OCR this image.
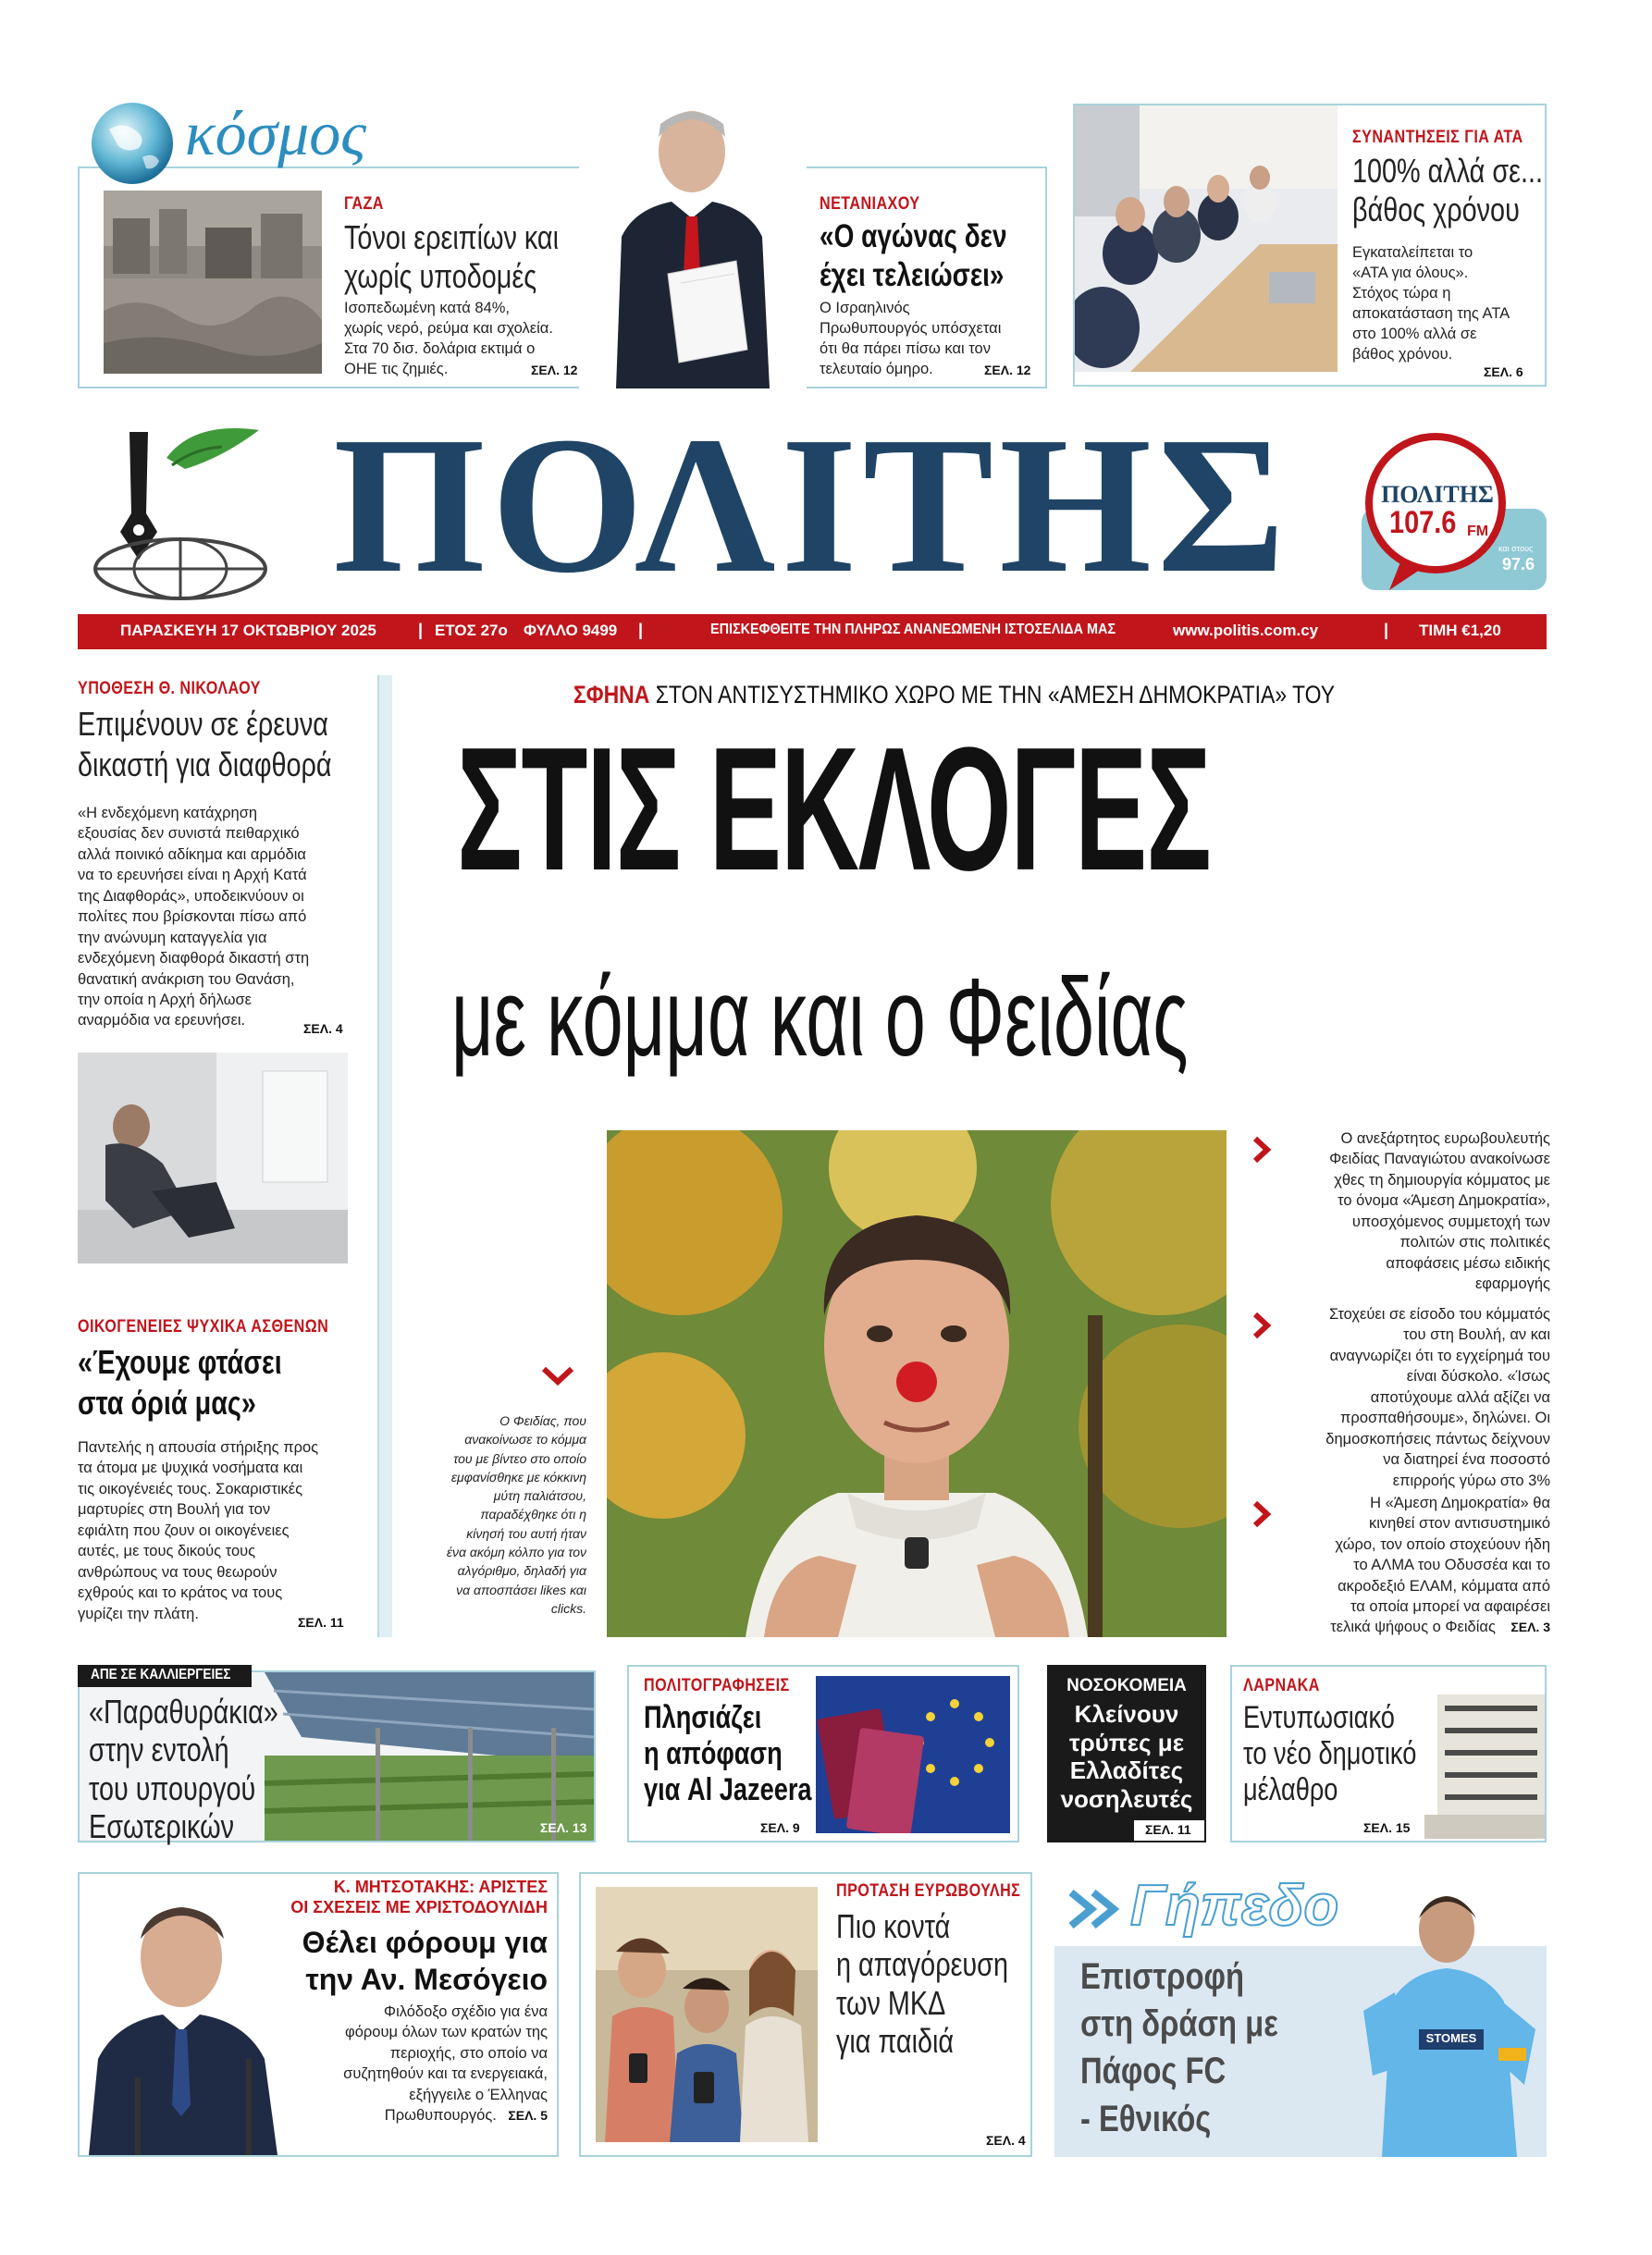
κόσμος
ΓΑΖΑ
Τόνοι ερειπίων και
χωρίς υποδομές
Ισοπεδωμένη κατά 84%,
χωρίς νερό, ρεύμα και σχολεία.
Στα 70 δισ. δολάρια εκτιμά ο
ΟΗΕ τις ζημιές.	ΣΕΛ. 12
ΝΕΤΑΝΙΑΧΟΥ
«Ο αγώνας δεν
έχει τελειώσει»
Ο Ισραηλινός
Πρωθυπουργός υπόσχεται
ότι θα πάρει πίσω και τον
τελευταίο όμηρο.	ΣΕΛ. 12
ΣΥΝΑΝΤΗΣΕΙΣ ΓΙΑ ΑΤΑ
100% αλλά σε...
βάθος χρόνου
Εγκαταλείπεται το
«ΑΤΑ για όλους».
Στόχος τώρα η
αποκατάσταση της ΑΤΑ
στο 100% αλλά σε
βάθος χρόνου.
ΣΕΛ. 6
ΠΟΛΙΤΗΣ	ΠΟΛΙΤΗΣ
107.6 FM
και στους
97.6
ΠΑΡΑΣΚΕΥΗ 17 ΟΚΤΩΒΡΙΟΥ 2025	| ΕΤΟΣ 27ο ΦΥΛΛΟ 9499 |	ΕΠΙΣΚΕΦΘΕΙΤΕ ΤΗΝ ΠΛΗΡΩΣ ΑΝΑΝΕΩΜΕΝΗ ΙΣΤΟΣΕΛΙΔΑ ΜΑΣ	www.politis.com.cy	| ΤΙΜΗ €1,20
ΥΠΟΘΕΣΗ Θ. ΝΙΚΟΛΑΟΥ
Επιμένουν σε έρευνα
δικαστή για διαφθορά
«Η ενδεχόμενη κατάχρηση
εξουσίας δεν συνιστά πειθαρχικό
αλλά ποινικό αδίκημα και αρμόδια
να το ερευνήσει είναι η Αρχή Κατά
της Διαφθοράς», υποδεικνύουν οι
πολίτες που βρίσκονται πίσω από
την ανώνυμη καταγγελία για
ενδεχόμενη διαφθορά δικαστή στη
θανατική ανάκριση του Θανάση,
την οποία η Αρχή δήλωσε
αναρμόδια να ερευνήσει.	ΣΕΛ. 4
ΟΙΚΟΓΕΝΕΙΕΣ ΨΥΧΙΚΑ ΑΣΘΕΝΩΝ
«Έχουμε φτάσει
στα όριά μας»
Παντελής η απουσία στήριξης προς
τα άτομα με ψυχικά νοσήματα και
τις οικογένειές τους. Σοκαριστικές
μαρτυρίες στη Βουλή για τον
εφιάλτη που ζουν οι οικογένειες
αυτές, με τους δικούς τους
ανθρώπους να τους θεωρούν
εχθρούς και το κράτος να τους
γυρίζει την πλάτη.
ΣΕΛ. 11
ΣΦΗΝΑ ΣΤΟΝ ΑΝΤΙΣΥΣΤΗΜΙΚΟ ΧΩΡΟ ΜΕ ΤΗΝ «ΑΜΕΣΗ ΔΗΜΟΚΡΑΤΙΑ» ΤΟΥ
ΣΤΙΣ ΕΚΛΟΓΕΣ
με κόμμα και ο Φειδίας
Ο Φειδίας, που
ανακοίνωσε το κόμμα
του με βίντεο στο οποίο
εμφανίσθηκε με κόκκινη
μύτη παλιάτσου,
παραδέχθηκε ότι η
κίνησή του αυτή ήταν
ένα ακόμη κόλπο για τον
αλγόριθμο, δηλαδή για
να αποσπάσει likes και
clicks.
Ο ανεξάρτητος ευρωβουλευτής
Φειδίας Παναγιώτου ανακοίνωσε
χθες τη δημιουργία κόμματος με
το όνομα «Άμεση Δημοκρατία»,
υποσχόμενος συμμετοχή των
πολιτών στις πολιτικές
αποφάσεις μέσω ειδικής
εφαρμογής
Στοχεύει σε είσοδο του κόμματός
του στη Βουλή, αν και
αναγνωρίζει ότι το εγχείρημά του
είναι δύσκολο. «Ίσως
αποτύχουμε αλλά αξίζει να
προσπαθήσουμε», δηλώνει. Οι
δημοσκοπήσεις πάντως δείχνουν
να διατηρεί ένα ποσοστό
επιρροής γύρω στο 3%
Η «Άμεση Δημοκρατία» θα
κινηθεί στον αντισυστημικό
χώρο, τον οποίο στοχεύουν ήδη
το ΑΛΜΑ του Οδυσσέα και το
ακροδεξιό ΕΛΑΜ, κόμματα από
τα οποία μπορεί να αφαιρέσει
τελικά ψήφους ο Φειδίας ΣΕΛ. 3
ΑΠΕ ΣΕ ΚΑΛΛΙΕΡΓΕΙΕΣ
«Παραθυράκια»
στην εντολή
του υπουργού
Εσωτερικών	ΣΕΛ. 13
ΠΟΛΙΤΟΓΡΑΦΗΣΕΙΣ
Πλησιάζει
η απόφαση
για Al Jazeera
ΣΕΛ. 9
ΝΟΣΟΚΟΜΕΙΑ
Κλείνουν
τρύπες με
Ελλαδίτες
νοσηλευτές
ΣΕΛ. 11
ΛΑΡΝΑΚΑ
Εντυπωσιακό
το νέο δημοτικό
μέλαθρο
ΣΕΛ. 15
Κ. ΜΗΤΣΟΤΑΚΗΣ: ΑΡΙΣΤΕΣ
ΟΙ ΣΧΕΣΕΙΣ ΜΕ ΧΡΙΣΤΟΔΟΥΛΙΔΗ
Θέλει φόρουμ για
την Αν. Μεσόγειο
Φιλόδοξο σχέδιο για ένα
φόρουμ όλων των κρατών της
περιοχής, στο οποίο να
συζητηθούν και τα ενεργειακά,
εξήγγειλε ο Έλληνας
Πρωθυπουργός. ΣΕΛ. 5
ΠΡΟΤΑΣΗ ΕΥΡΩΒΟΥΛΗΣ
Πιο κοντά
η απαγόρευση
των ΜΚΔ
για παιδιά
ΣΕΛ. 4
Γήπεδο
STOMES
Επιστροφή
στη δράση με
Πάφος FC
- Εθνικός
